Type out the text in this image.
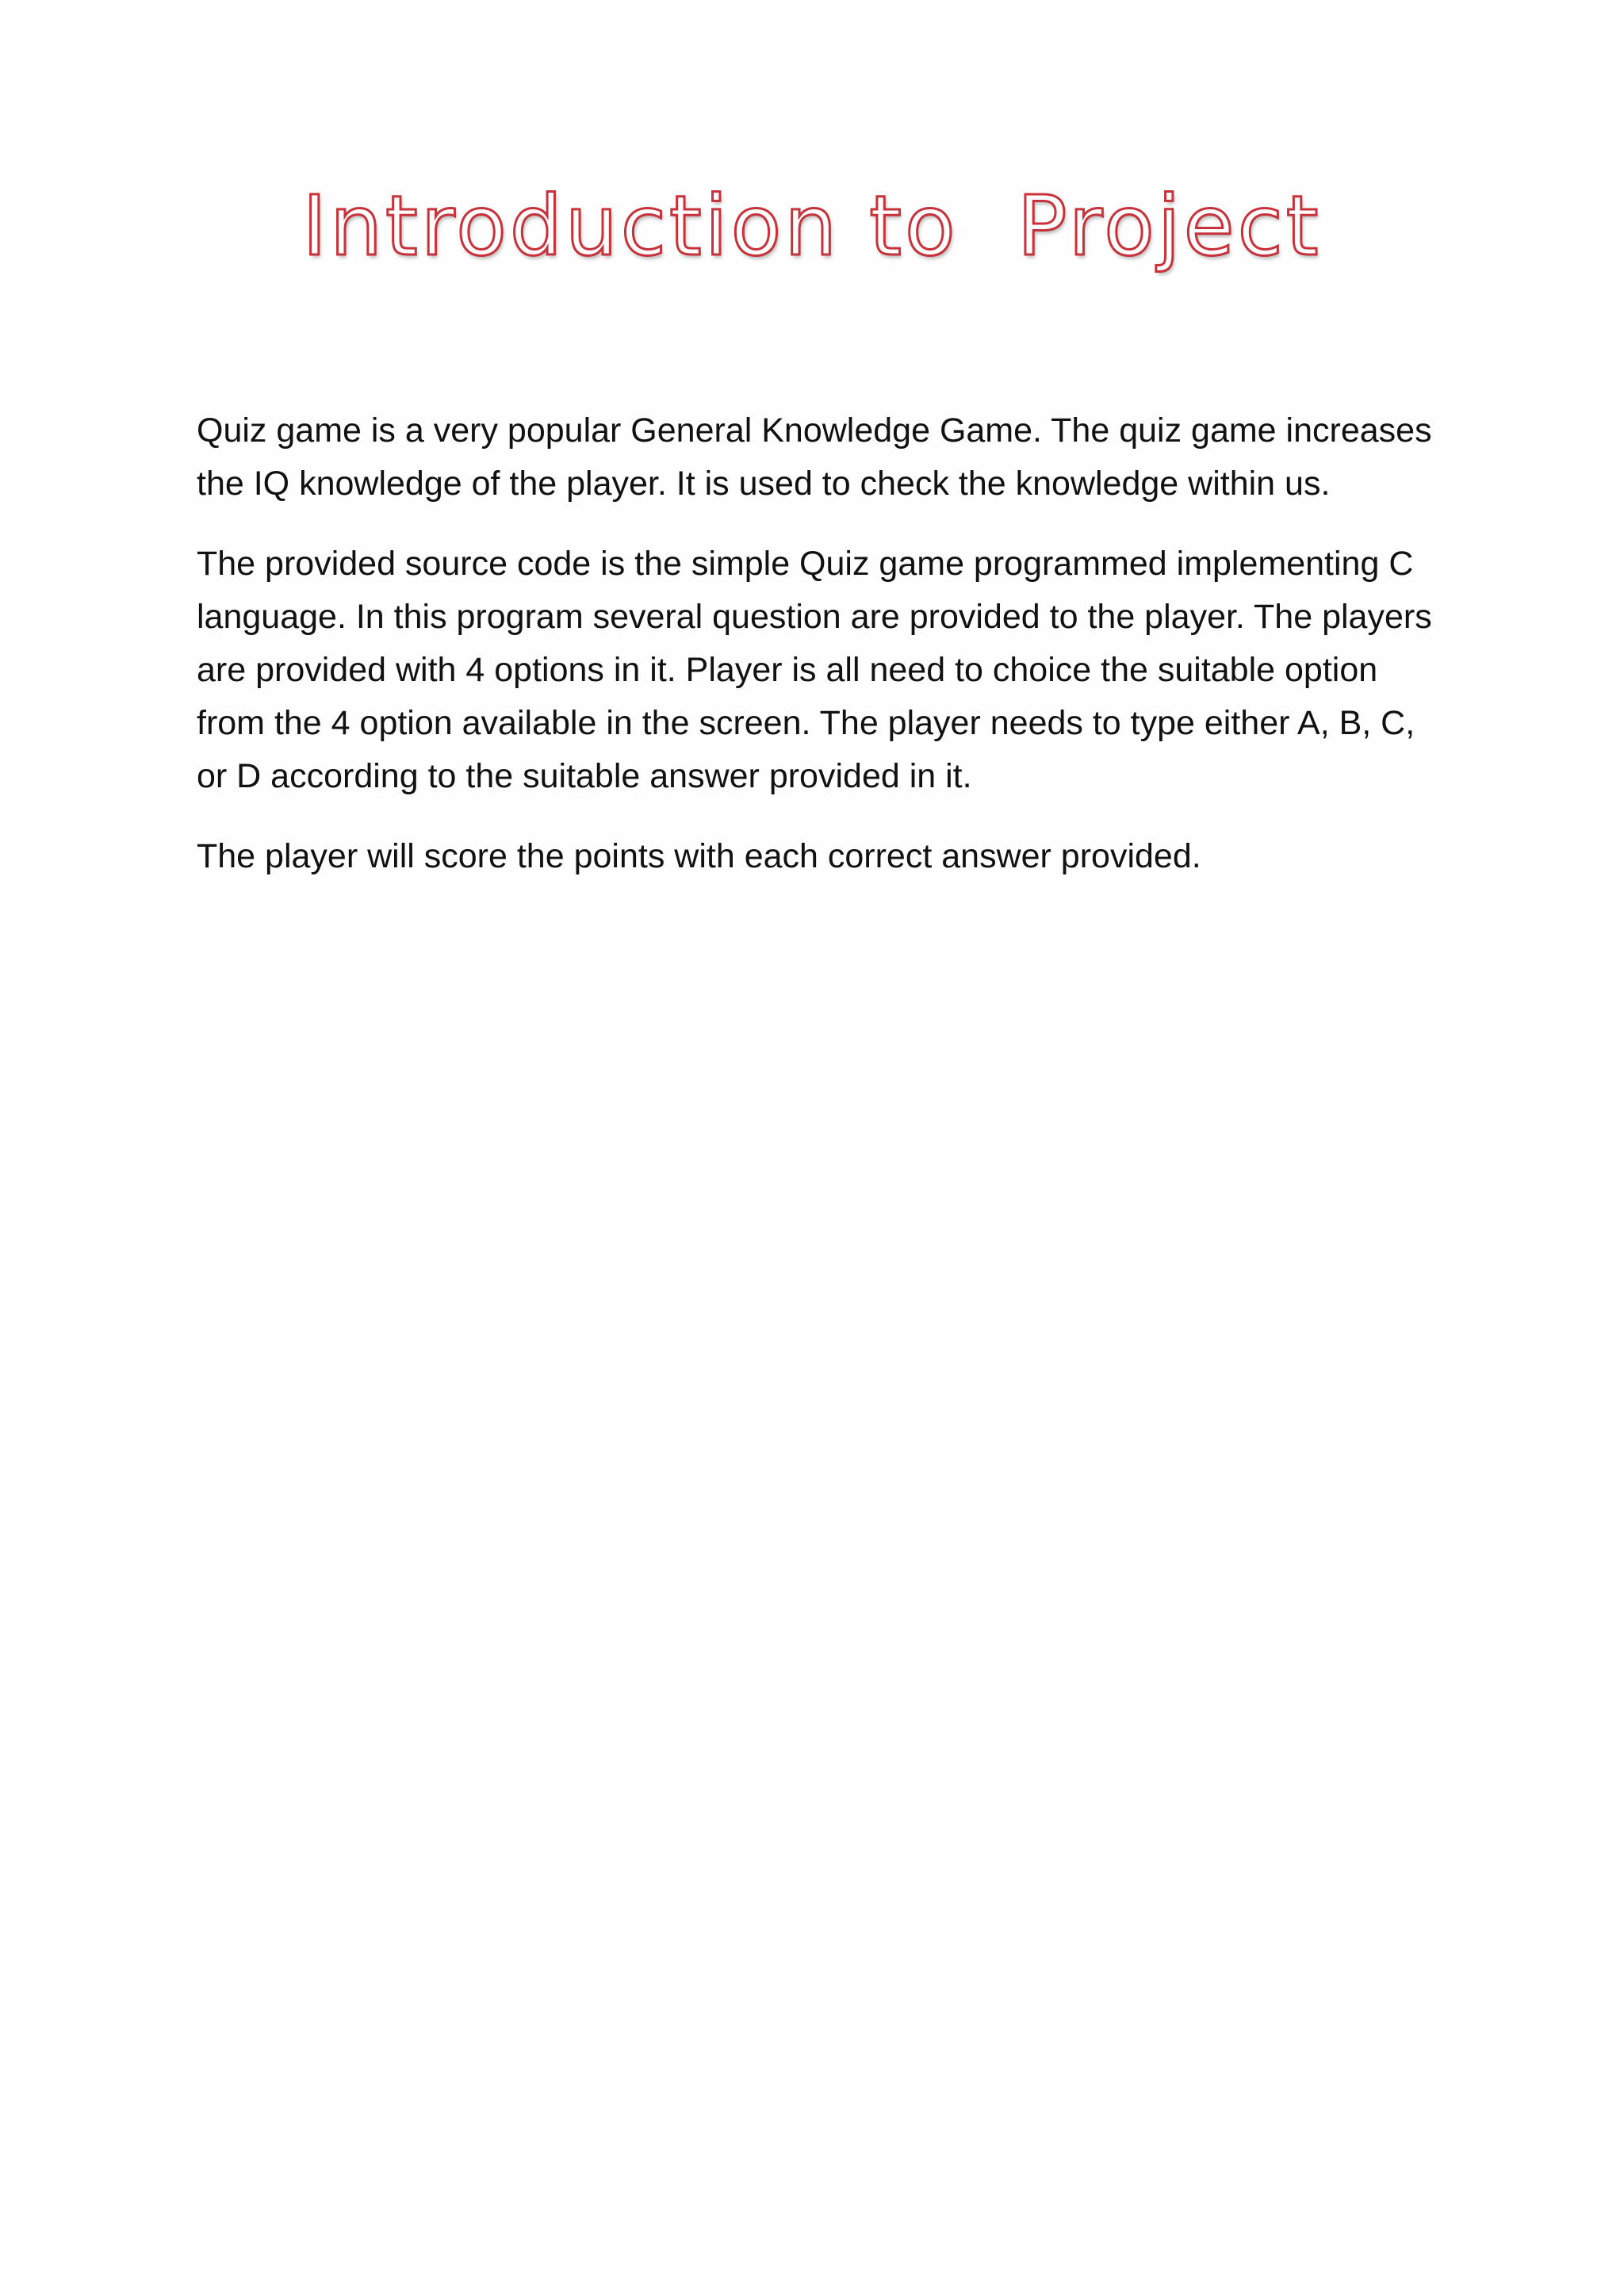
Introduction to  Project

Quiz game is a very popular General Knowledge Game. The quiz game increases the IQ knowledge of the player. It is used to check the knowledge within us.

The provided source code is the simple Quiz game programmed implementing C language. In this program several question are provided to the player. The players are provided with 4 options in it. Player is all need to choice the suitable option from the 4 option available in the screen. The player needs to type either A, B, C, or D according to the suitable answer provided in it.

The player will score the points with each correct answer provided.
